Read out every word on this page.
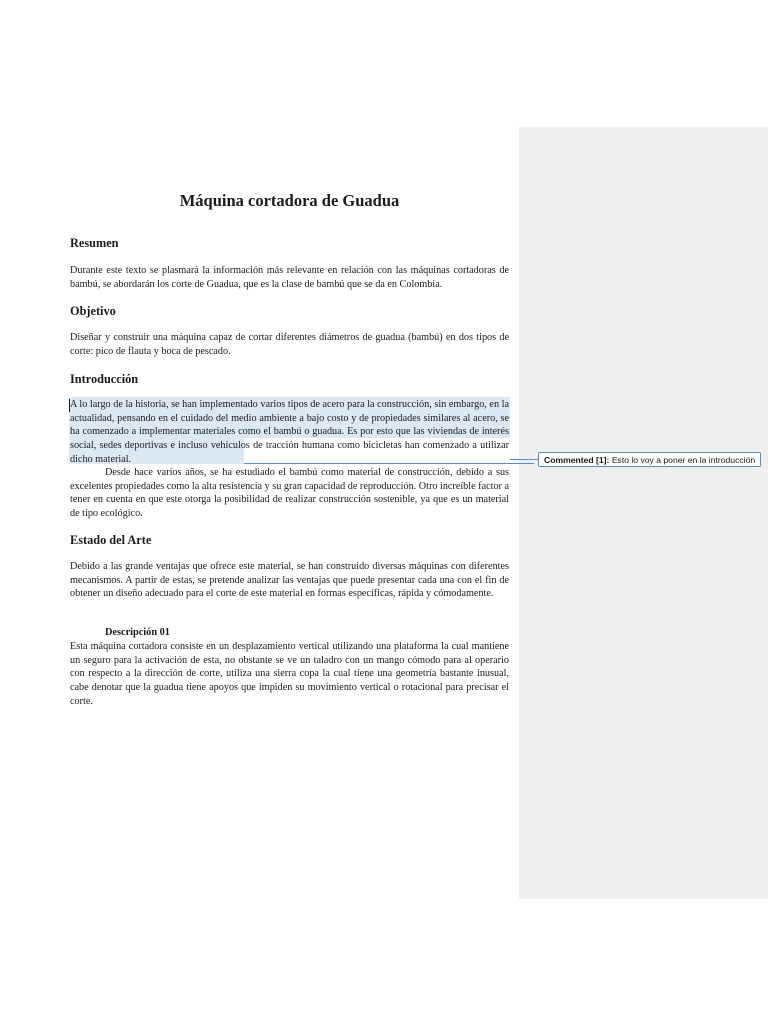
Máquina cortadora de Guadua
Resumen

Durante este texto se plasmará la información más relevante en relación con las máquinas cortadoras de bambú, se abordarán los corte de Guadua, que es la clase de bambú que se da en Colombia.

Objetivo

Diseñar y construir una máquina capaz de cortar diferentes diámetros de guadua (bambú) en dos tipos de corte: pico de flauta y boca de pescado.

Introducción

A lo largo de la historia, se han implementado varios tipos de acero para la construcción, sin embargo, en la actualidad, pensando en el cuidado del medio ambiente a bajo costo y de propiedades similares al acero, se ha comenzado a implementar materiales como el bambú o guadua. Es por esto que las viviendas de interés social, sedes deportivas e incluso vehículos de tracción humana como bicicletas han comenzado a utilizar dicho material.

Desde hace varios años, se ha estudiado el bambú como material de construcción, debido a sus excelentes propiedades como la alta resistencia y su gran capacidad de reproducción. Otro increíble factor a tener en cuenta en que este otorga la posibilidad de realizar construcción sostenible, ya que es un material de tipo ecológico.

Estado del Arte

Debido a las grande ventajas que ofrece este material, se han construido diversas máquinas con diferentes mecanismos. A partir de estas, se pretende analizar las ventajas que puede presentar cada una con el fin de obtener un diseño adecuado para el corte de este material en formas específicas, rápida y cómodamente.

Descripción 01

Esta máquina cortadora consiste en un desplazamiento vertical utilizando una plataforma la cual mantiene un seguro para la activación de esta, no obstante se ve un taladro con un mango cómodo para al operario con respecto a la dirección de corte, utiliza una sierra copa la cual tiene una geometría bastante inusual, cabe denotar que la guadua tiene apoyos que impiden su movimiento vertical o rotacional para precisar el corte.

Commented [1]: Esto lo voy a poner en la introducción
